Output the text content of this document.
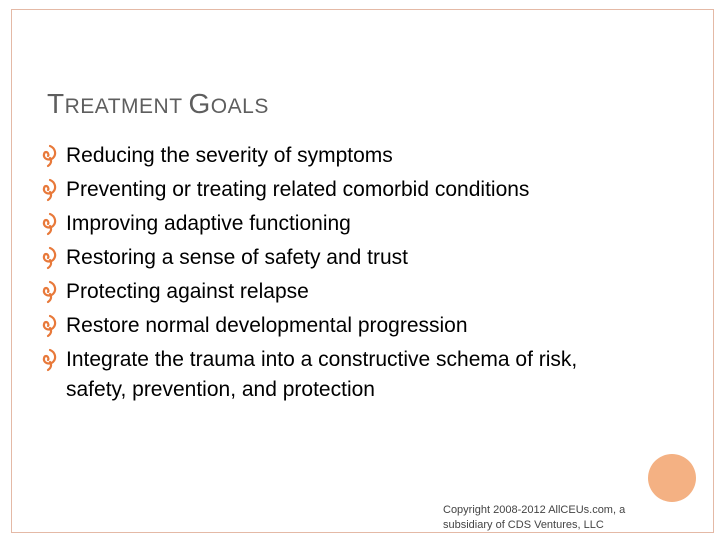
TREATMENT GOALS
Reducing the severity of symptoms
Preventing or treating related comorbid conditions
Improving adaptive functioning
Restoring a sense of safety and trust
Protecting against relapse
Restore normal developmental progression
Integrate the trauma into a constructive schema of risk, safety, prevention, and protection
Copyright 2008-2012 AllCEUs.com, a
subsidiary of CDS Ventures, LLC
